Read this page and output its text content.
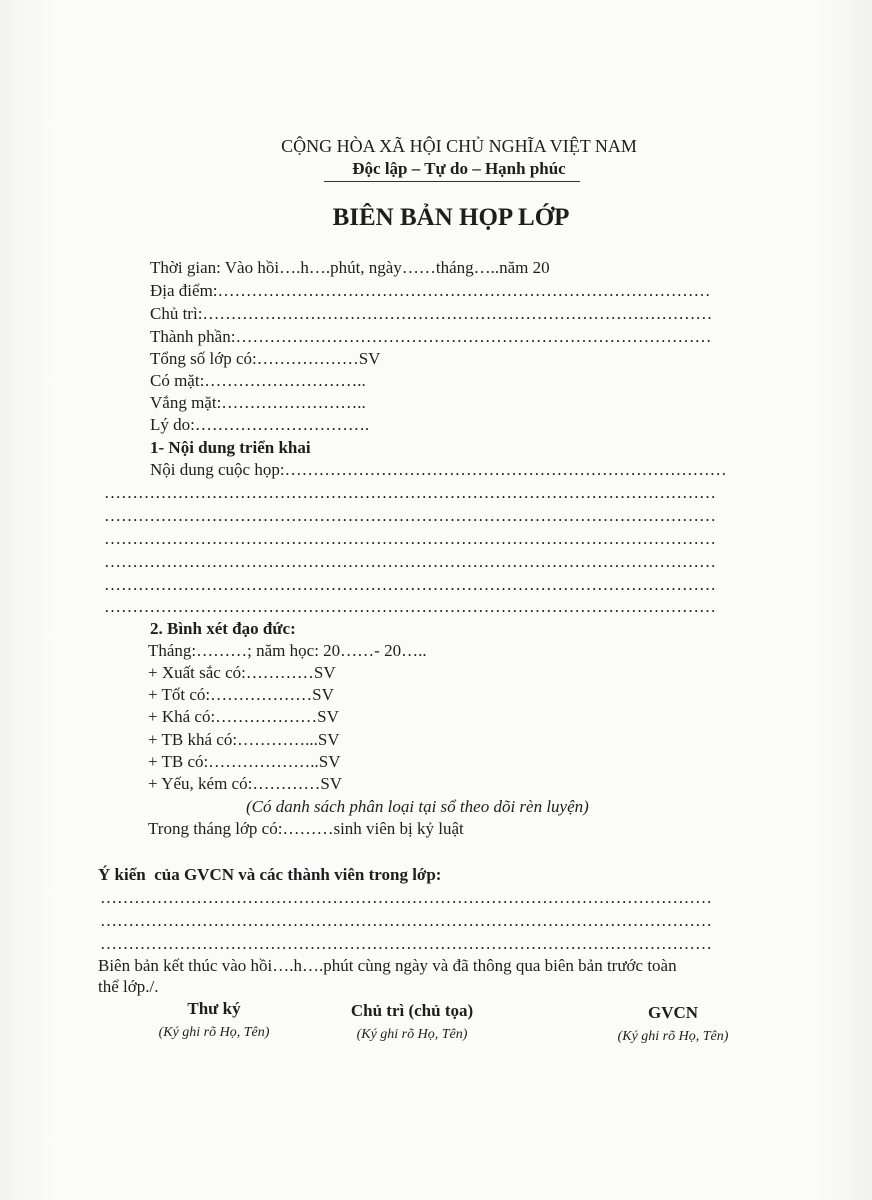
CỘNG HÒA XÃ HỘI CHỦ NGHĨA VIỆT NAM
Độc lập – Tự do – Hạnh phúc
BIÊN BẢN HỌP LỚP
Thời gian: Vào hồi….h….phút, ngày……tháng…..năm 20
Địa điểm:……………………………………………………………………………
Chủ trì:………………………………………………………………………………
Thành phần:…………………………………………………………………………
Tổng số lớp có:………………SV
Có mặt:………………………..
Vắng mặt:……………………..
Lý do:………………………….
1- Nội dung triển khai
Nội dung cuộc họp:……………………………………………………………………
………………………………………………………………………………………………
………………………………………………………………………………………………
………………………………………………………………………………………………
………………………………………………………………………………………………
………………………………………………………………………………………………
………………………………………………………………………………………………
2. Bình xét đạo đức:
Tháng:………; năm học: 20……- 20…..
+ Xuất sắc có:…………SV
+ Tốt có:………………SV
+ Khá có:………………SV
+ TB khá có:…………...SV
+ TB có:………………..SV
+ Yếu, kém có:…………SV
(Có danh sách phân loại tại sổ theo dõi rèn luyện)
Trong tháng lớp có:………sinh viên bị kỷ luật
Ý kiến  của GVCN và các thành viên trong lớp:
………………………………………………………………………………………………
………………………………………………………………………………………………
………………………………………………………………………………………………
Biên bản kết thúc vào hồi….h….phút cùng ngày và đã thông qua biên bản trước toàn
thể lớp./.
Thư ký
(Ký ghi rõ Họ, Tên)
Chủ trì (chủ tọa)
(Ký ghi rõ Họ, Tên)
GVCN
(Ký ghi rõ Họ, Tên)
